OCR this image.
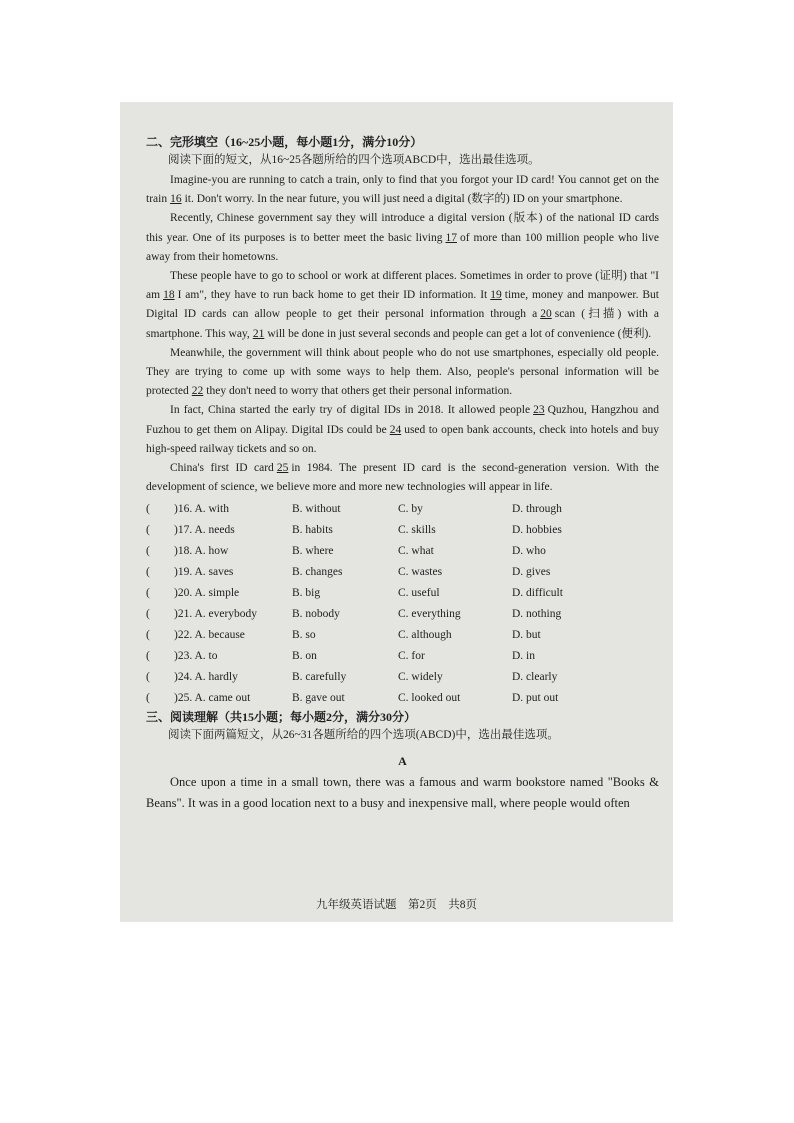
二、完形填空（16~25小题，每小题1分，满分10分）
阅读下面的短文，从16~25各题所给的四个选项ABCD中，选出最佳选项。

Imagine-you are running to catch a train, only to find that you forgot your ID card! You cannot get on the train 16 it. Don't worry. In the near future, you will just need a digital (数字的) ID on your smartphone.

Recently, Chinese government say they will introduce a digital version (版本) of the national ID cards this year. One of its purposes is to better meet the basic living 17 of more than 100 million people who live away from their hometowns.

These people have to go to school or work at different places. Sometimes in order to prove (证明) that "I am 18 I am", they have to run back home to get their ID information. It 19 time, money and manpower. But Digital ID cards can allow people to get their personal information through a 20 scan (扫描) with a smartphone. This way, 21 will be done in just several seconds and people can get a lot of convenience (便利).

Meanwhile, the government will think about people who do not use smartphones, especially old people. They are trying to come up with some ways to help them. Also, people's personal information will be protected 22 they don't need to worry that others get their personal information.

In fact, China started the early try of digital IDs in 2018. It allowed people 23 Quzhou, Hangzhou and Fuzhou to get them on Alipay. Digital IDs could be 24 used to open bank accounts, check into hotels and buy high-speed railway tickets and so on.

China's first ID card 25 in 1984. The present ID card is the second-generation version. With the development of science, we believe more and more new technologies will appear in life.

(	)16. A. with	B. without	C. by	D. through
(	)17. A. needs	B. habits	C. skills	D. hobbies
(	)18. A. how	B. where	C. what	D. who
(	)19. A. saves	B. changes	C. wastes	D. gives
(	)20. A. simple	B. big	C. useful	D. difficult
(	)21. A. everybody	B. nobody	C. everything	D. nothing
(	)22. A. because	B. so	C. although	D. but
(	)23. A. to	B. on	C. for	D. in
(	)24. A. hardly	B. carefully	C. widely	D. clearly
(	)25. A. came out	B. gave out	C. looked out	D. put out
三、阅读理解（共15小题；每小题2分，满分30分）
阅读下面两篇短文，从26~31各题所给的四个选项(ABCD)中，选出最佳选项。
A

Once upon a time in a small town, there was a famous and warm bookstore named "Books & Beans". It was in a good location next to a busy and inexpensive mall, where people would often

九年级英语试题　第2页　共8页
